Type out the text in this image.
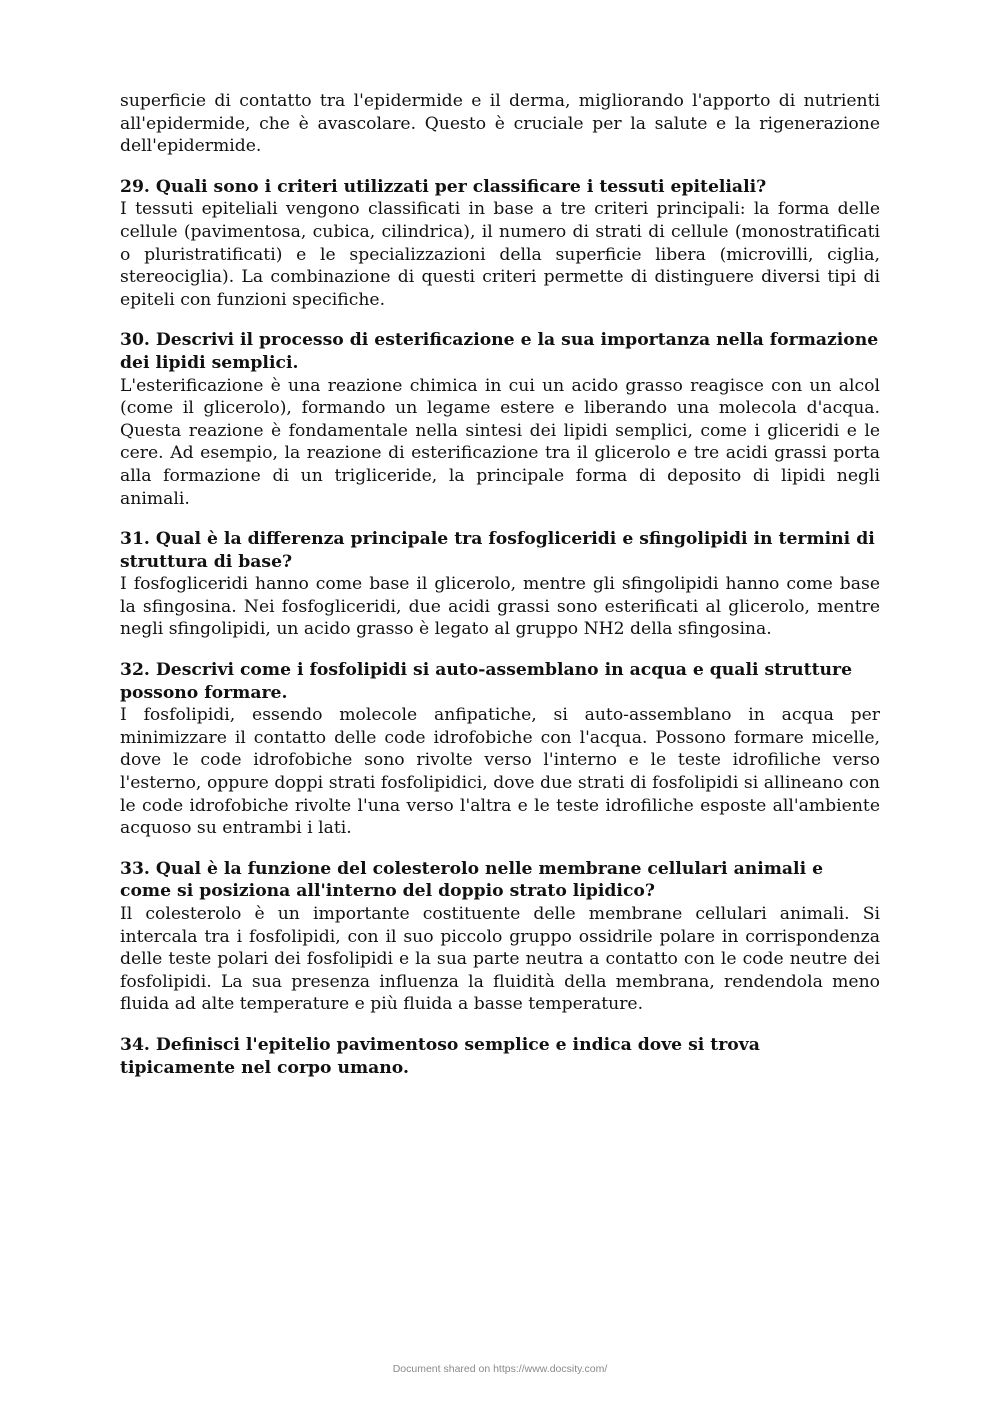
superficie di contatto tra l'epidermide e il derma, migliorando l'apporto di nutrienti all'epidermide, che è avascolare. Questo è cruciale per la salute e la rigenerazione dell'epidermide.

29. Quali sono i criteri utilizzati per classificare i tessuti epiteliali?

I tessuti epiteliali vengono classificati in base a tre criteri principali: la forma delle cellule (pavimentosa, cubica, cilindrica), il numero di strati di cellule (monostratificati o pluristratificati) e le specializzazioni della superficie libera (microvilli, ciglia, stereociglia). La combinazione di questi criteri permette di distinguere diversi tipi di epiteli con funzioni specifiche.

30. Descrivi il processo di esterificazione e la sua importanza nella formazione dei lipidi semplici.

L'esterificazione è una reazione chimica in cui un acido grasso reagisce con un alcol (come il glicerolo), formando un legame estere e liberando una molecola d'acqua. Questa reazione è fondamentale nella sintesi dei lipidi semplici, come i gliceridi e le cere. Ad esempio, la reazione di esterificazione tra il glicerolo e tre acidi grassi porta alla formazione di un trigliceride, la principale forma di deposito di lipidi negli animali.

31. Qual è la differenza principale tra fosfogliceridi e sfingolipidi in termini di struttura di base?

I fosfogliceridi hanno come base il glicerolo, mentre gli sfingolipidi hanno come base la sfingosina. Nei fosfogliceridi, due acidi grassi sono esterificati al glicerolo, mentre negli sfingolipidi, un acido grasso è legato al gruppo NH2 della sfingosina.

32. Descrivi come i fosfolipidi si auto-assemblano in acqua e quali strutture possono formare.

I fosfolipidi, essendo molecole anfipatiche, si auto-assemblano in acqua per minimizzare il contatto delle code idrofobiche con l'acqua. Possono formare micelle, dove le code idrofobiche sono rivolte verso l'interno e le teste idrofiliche verso l'esterno, oppure doppi strati fosfolipidici, dove due strati di fosfolipidi si allineano con le code idrofobiche rivolte l'una verso l'altra e le teste idrofiliche esposte all'ambiente acquoso su entrambi i lati.

33. Qual è la funzione del colesterolo nelle membrane cellulari animali e come si posiziona all'interno del doppio strato lipidico?

Il colesterolo è un importante costituente delle membrane cellulari animali. Si intercala tra i fosfolipidi, con il suo piccolo gruppo ossidrile polare in corrispondenza delle teste polari dei fosfolipidi e la sua parte neutra a contatto con le code neutre dei fosfolipidi. La sua presenza influenza la fluidità della membrana, rendendola meno fluida ad alte temperature e più fluida a basse temperature.

34. Definisci l'epitelio pavimentoso semplice e indica dove si trova tipicamente nel corpo umano.
Document shared on https://www.docsity.com/
